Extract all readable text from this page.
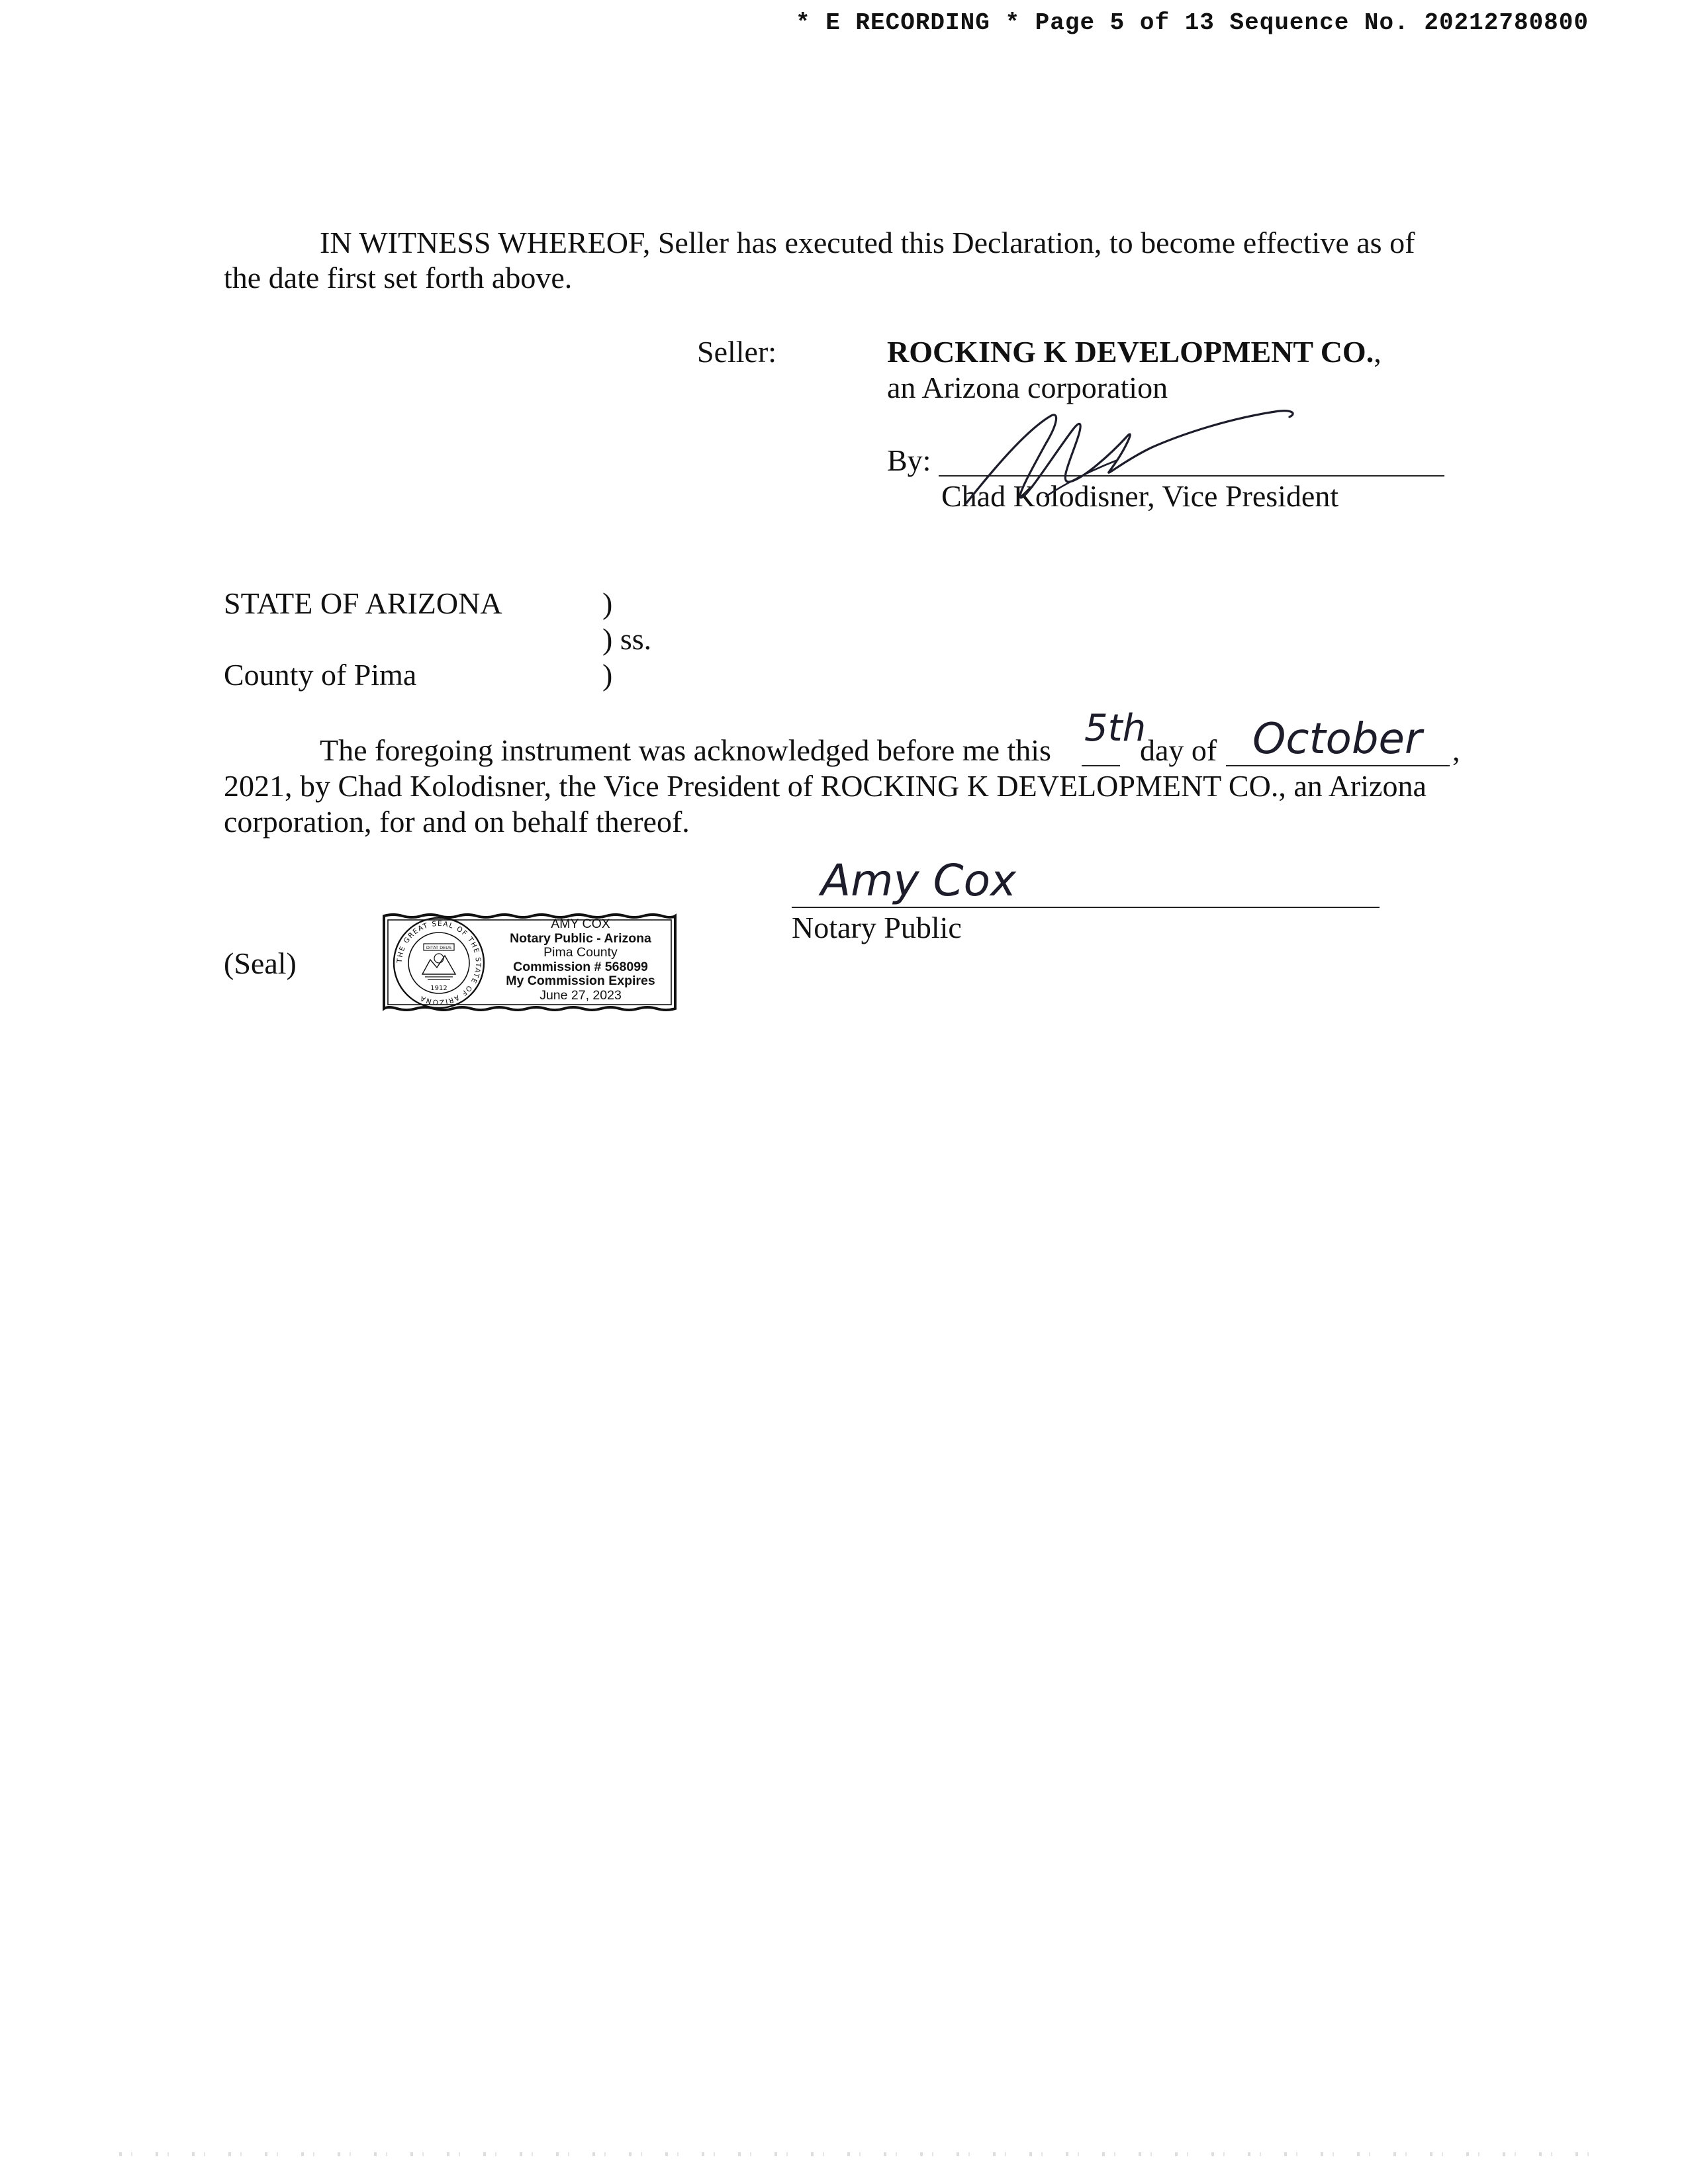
* E RECORDING * Page 5 of 13 Sequence No. 20212780800
IN WITNESS WHEREOF, Seller has executed this Declaration, to become effective as of
the date first set forth above.
Seller:	ROCKING K DEVELOPMENT CO.,
an Arizona corporation
By:
Chad Kolodisner, Vice President
STATE OF ARIZONA	)
) ss.
County of Pima	)
The foregoing instrument was acknowledged before me this
5th
day of October ,
2021, by Chad Kolodisner, the Vice President of ROCKING K DEVELOPMENT CO., an Arizona
corporation, for and on behalf thereof.
Amy Cox
Notary Public
(Seal)	THE GREAT SEAL OF THE STATE OF ARIZONA
DITAT DEUS
1912
AMY COX
Notary Public - Arizona
Pima County
Commission # 568099
My Commission Expires
June 27, 2023
